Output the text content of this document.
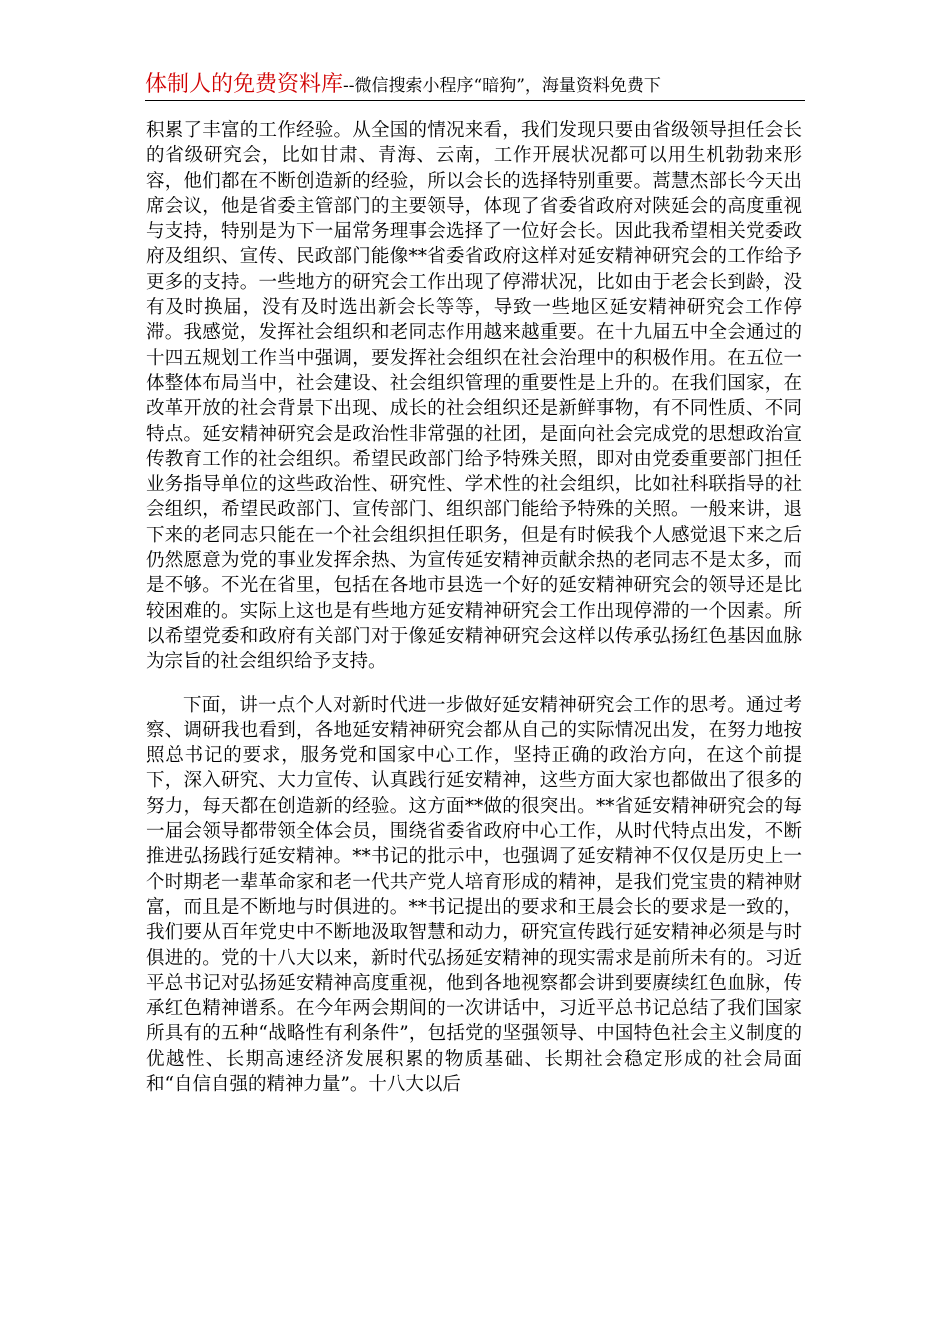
体制人的免费资料库--微信搜索小程序“暗狗”，海量资料免费下

积累了丰富的工作经验。从全国的情况来看，我们发现只要由省级领导担任会长的省级研究会，比如甘肃、青海、云南，工作开展状况都可以用生机勃勃来形容，他们都在不断创造新的经验，所以会长的选择特别重要。蒿慧杰部长今天出席会议，他是省委主管部门的主要领导，体现了省委省政府对陕延会的高度重视与支持，特别是为下一届常务理事会选择了一位好会长。因此我希望相关党委政府及组织、宣传、民政部门能像**省委省政府这样对延安精神研究会的工作给予更多的支持。一些地方的研究会工作出现了停滞状况，比如由于老会长到龄，没有及时换届，没有及时选出新会长等等，导致一些地区延安精神研究会工作停滞。我感觉，发挥社会组织和老同志作用越来越重要。在十九届五中全会通过的十四五规划工作当中强调，要发挥社会组织在社会治理中的积极作用。在五位一体整体布局当中，社会建设、社会组织管理的重要性是上升的。在我们国家，在改革开放的社会背景下出现、成长的社会组织还是新鲜事物，有不同性质、不同特点。延安精神研究会是政治性非常强的社团，是面向社会完成党的思想政治宣传教育工作的社会组织。希望民政部门给予特殊关照，即对由党委重要部门担任业务指导单位的这些政治性、研究性、学术性的社会组织，比如社科联指导的社会组织，希望民政部门、宣传部门、组织部门能给予特殊的关照。一般来讲，退下来的老同志只能在一个社会组织担任职务，但是有时候我个人感觉退下来之后仍然愿意为党的事业发挥余热、为宣传延安精神贡献余热的老同志不是太多，而是不够。不光在省里，包括在各地市县选一个好的延安精神研究会的领导还是比较困难的。实际上这也是有些地方延安精神研究会工作出现停滞的一个因素。所以希望党委和政府有关部门对于像延安精神研究会这样以传承弘扬红色基因血脉为宗旨的社会组织给予支持。

下面，讲一点个人对新时代进一步做好延安精神研究会工作的思考。通过考察、调研我也看到，各地延安精神研究会都从自己的实际情况出发，在努力地按照总书记的要求，服务党和国家中心工作，坚持正确的政治方向，在这个前提下，深入研究、大力宣传、认真践行延安精神，这些方面大家也都做出了很多的努力，每天都在创造新的经验。这方面**做的很突出。**省延安精神研究会的每一届会领导都带领全体会员，围绕省委省政府中心工作，从时代特点出发，不断推进弘扬践行延安精神。**书记的批示中，也强调了延安精神不仅仅是历史上一个时期老一辈革命家和老一代共产党人培育形成的精神，是我们党宝贵的精神财富，而且是不断地与时俱进的。**书记提出的要求和王晨会长的要求是一致的，我们要从百年党史中不断地汲取智慧和动力，研究宣传践行延安精神必须是与时俱进的。党的十八大以来，新时代弘扬延安精神的现实需求是前所未有的。习近平总书记对弘扬延安精神高度重视，他到各地视察都会讲到要赓续红色血脉，传承红色精神谱系。在今年两会期间的一次讲话中，习近平总书记总结了我们国家所具有的五种“战略性有利条件”，包括党的坚强领导、中国特色社会主义制度的优越性、长期高速经济发展积累的物质基础、长期社会稳定形成的社会局面和“自信自强的精神力量”。十八大以后
